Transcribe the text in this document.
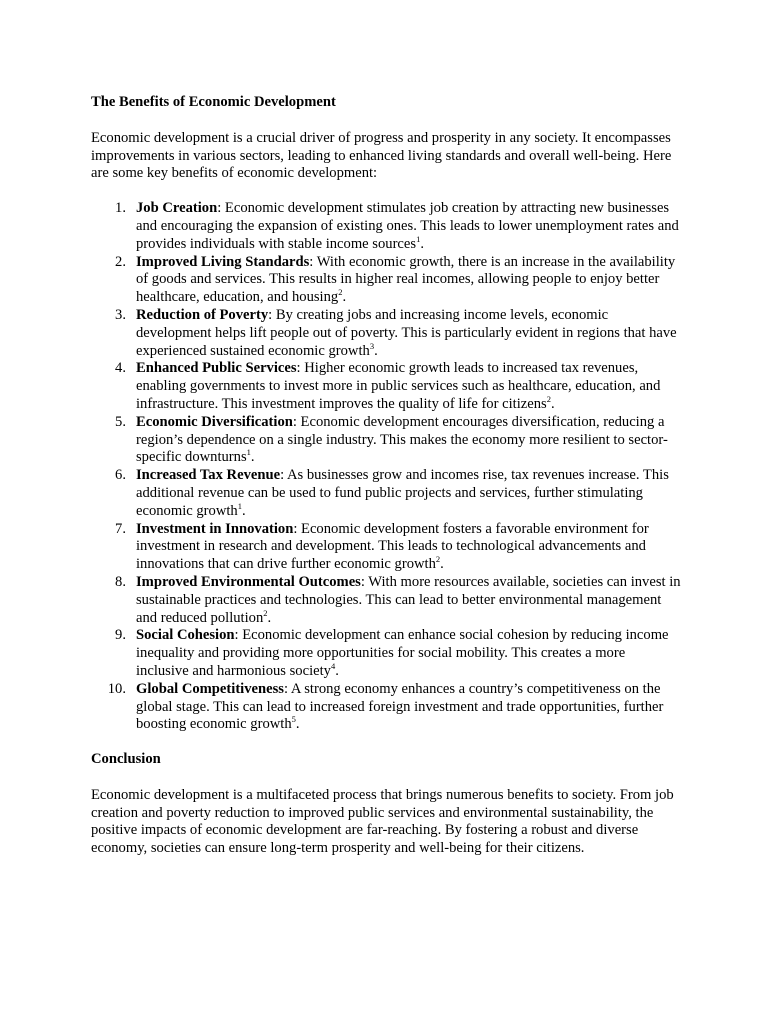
The Benefits of Economic Development

Economic development is a crucial driver of progress and prosperity in any society. It encompasses improvements in various sectors, leading to enhanced living standards and overall well-being. Here are some key benefits of economic development:

1. Job Creation: Economic development stimulates job creation by attracting new businesses and encouraging the expansion of existing ones. This leads to lower unemployment rates and provides individuals with stable income sources$^1$.
2. Improved Living Standards: With economic growth, there is an increase in the availability of goods and services. This results in higher real incomes, allowing people to enjoy better healthcare, education, and housing$^2$.
3. Reduction of Poverty: By creating jobs and increasing income levels, economic development helps lift people out of poverty. This is particularly evident in regions that have experienced sustained economic growth$^3$.
4. Enhanced Public Services: Higher economic growth leads to increased tax revenues, enabling governments to invest more in public services such as healthcare, education, and infrastructure. This investment improves the quality of life for citizens$^2$.
5. Economic Diversification: Economic development encourages diversification, reducing a region’s dependence on a single industry. This makes the economy more resilient to sector-specific downturns$^1$.
6. Increased Tax Revenue: As businesses grow and incomes rise, tax revenues increase. This additional revenue can be used to fund public projects and services, further stimulating economic growth$^1$.
7. Investment in Innovation: Economic development fosters a favorable environment for investment in research and development. This leads to technological advancements and innovations that can drive further economic growth$^2$.
8. Improved Environmental Outcomes: With more resources available, societies can invest in sustainable practices and technologies. This can lead to better environmental management and reduced pollution$^2$.
9. Social Cohesion: Economic development can enhance social cohesion by reducing income inequality and providing more opportunities for social mobility. This creates a more inclusive and harmonious society$^4$.
10. Global Competitiveness: A strong economy enhances a country’s competitiveness on the global stage. This can lead to increased foreign investment and trade opportunities, further boosting economic growth$^5$.

Conclusion

Economic development is a multifaceted process that brings numerous benefits to society. From job creation and poverty reduction to improved public services and environmental sustainability, the positive impacts of economic development are far-reaching. By fostering a robust and diverse economy, societies can ensure long-term prosperity and well-being for their citizens.
